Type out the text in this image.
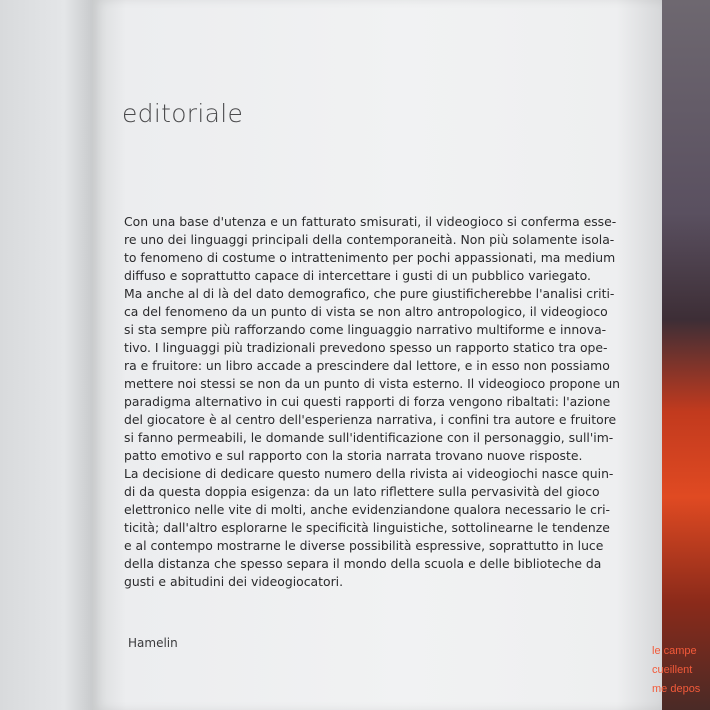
le campe
cueillent
me depos
editoriale
Con una base d'utenza e un fatturato smisurati, il videogioco si conferma esse-
re uno dei linguaggi principali della contemporaneità. Non più solamente isola-
to fenomeno di costume o intrattenimento per pochi appassionati, ma medium
diffuso e soprattutto capace di intercettare i gusti di un pubblico variegato.
Ma anche al di là del dato demografico, che pure giustificherebbe l'analisi criti-
ca del fenomeno da un punto di vista se non altro antropologico, il videogioco
si sta sempre più rafforzando come linguaggio narrativo multiforme e innova-
tivo. I linguaggi più tradizionali prevedono spesso un rapporto statico tra ope-
ra e fruitore: un libro accade a prescindere dal lettore, e in esso non possiamo
mettere noi stessi se non da un punto di vista esterno. Il videogioco propone un
paradigma alternativo in cui questi rapporti di forza vengono ribaltati: l'azione
del giocatore è al centro dell'esperienza narrativa, i confini tra autore e fruitore
si fanno permeabili, le domande sull'identificazione con il personaggio, sull'im-
patto emotivo e sul rapporto con la storia narrata trovano nuove risposte.
La decisione di dedicare questo numero della rivista ai videogiochi nasce quin-
di da questa doppia esigenza: da un lato riflettere sulla pervasività del gioco
elettronico nelle vite di molti, anche evidenziandone qualora necessario le cri-
ticità; dall'altro esplorarne le specificità linguistiche, sottolinearne le tendenze
e al contempo mostrarne le diverse possibilità espressive, soprattutto in luce
della distanza che spesso separa il mondo della scuola e delle biblioteche da
gusti e abitudini dei videogiocatori.
Hamelin
